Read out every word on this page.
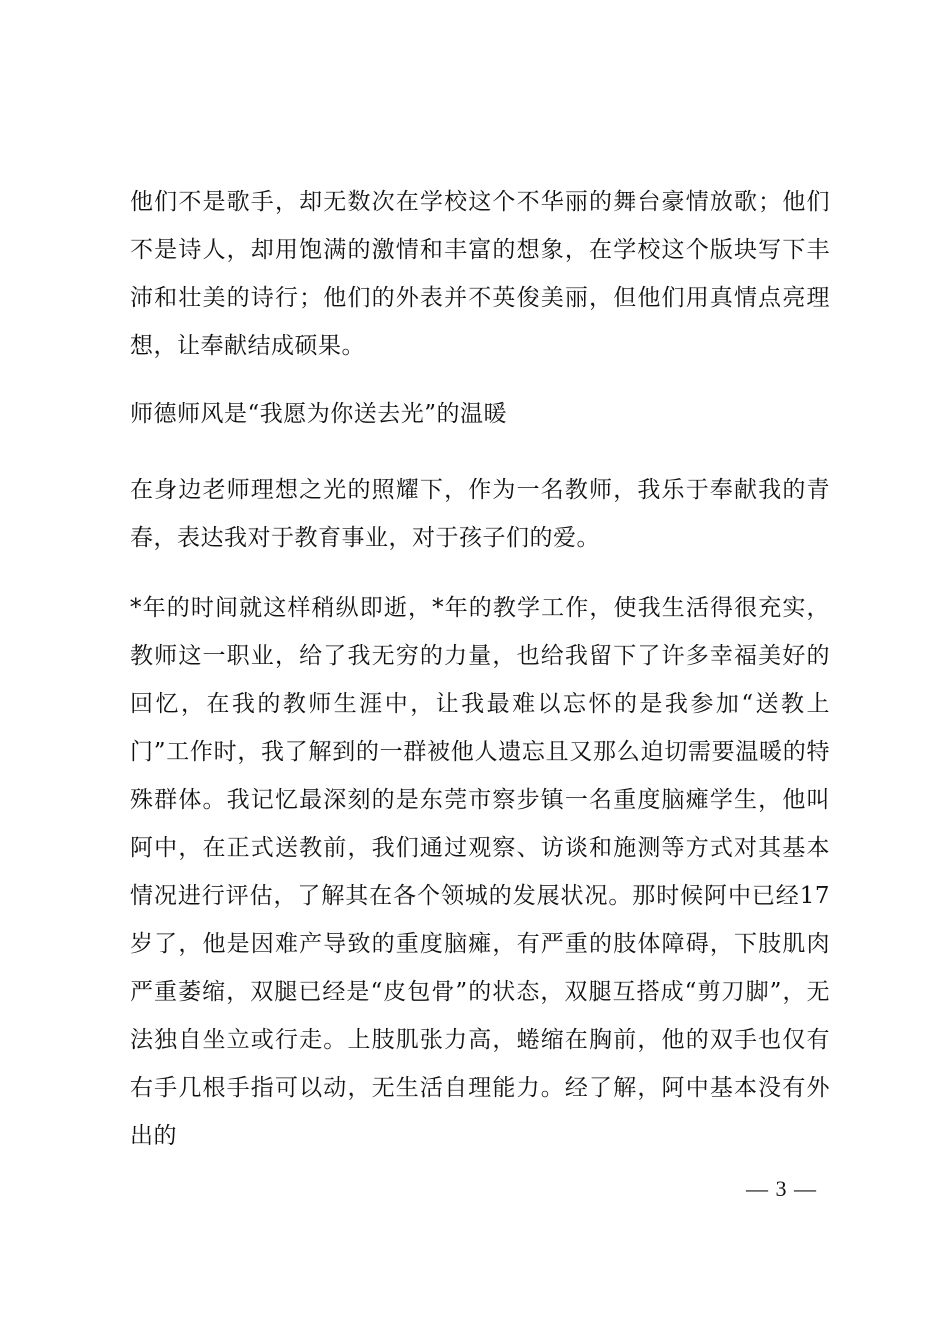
他们不是歌手，却无数次在学校这个不华丽的舞台豪情放歌；他们不是诗人，却用饱满的激情和丰富的想象，在学校这个版块写下丰沛和壮美的诗行；他们的外表并不英俊美丽，但他们用真情点亮理想，让奉献结成硕果。

师德师风是“我愿为你送去光”的温暖

在身边老师理想之光的照耀下，作为一名教师，我乐于奉献我的青春，表达我对于教育事业，对于孩子们的爱。

*年的时间就这样稍纵即逝，*年的教学工作，使我生活得很充实，教师这一职业，给了我无穷的力量，也给我留下了许多幸福美好的回忆，在我的教师生涯中，让我最难以忘怀的是我参加“送教上门”工作时，我了解到的一群被他人遗忘且又那么迫切需要温暖的特殊群体。我记忆最深刻的是东莞市察步镇一名重度脑瘫学生，他叫阿中，在正式送教前，我们通过观察、访谈和施测等方式对其基本情况进行评估，了解其在各个领城的发展状况。那时候阿中已经17岁了，他是因难产导致的重度脑瘫，有严重的肢体障碍，下肢肌肉严重萎缩，双腿已经是“皮包骨”的状态，双腿互搭成“剪刀脚”，无法独自坐立或行走。上肢肌张力高，蜷缩在胸前，他的双手也仅有右手几根手指可以动，无生活自理能力。经了解，阿中基本没有外出的

— 3 —
